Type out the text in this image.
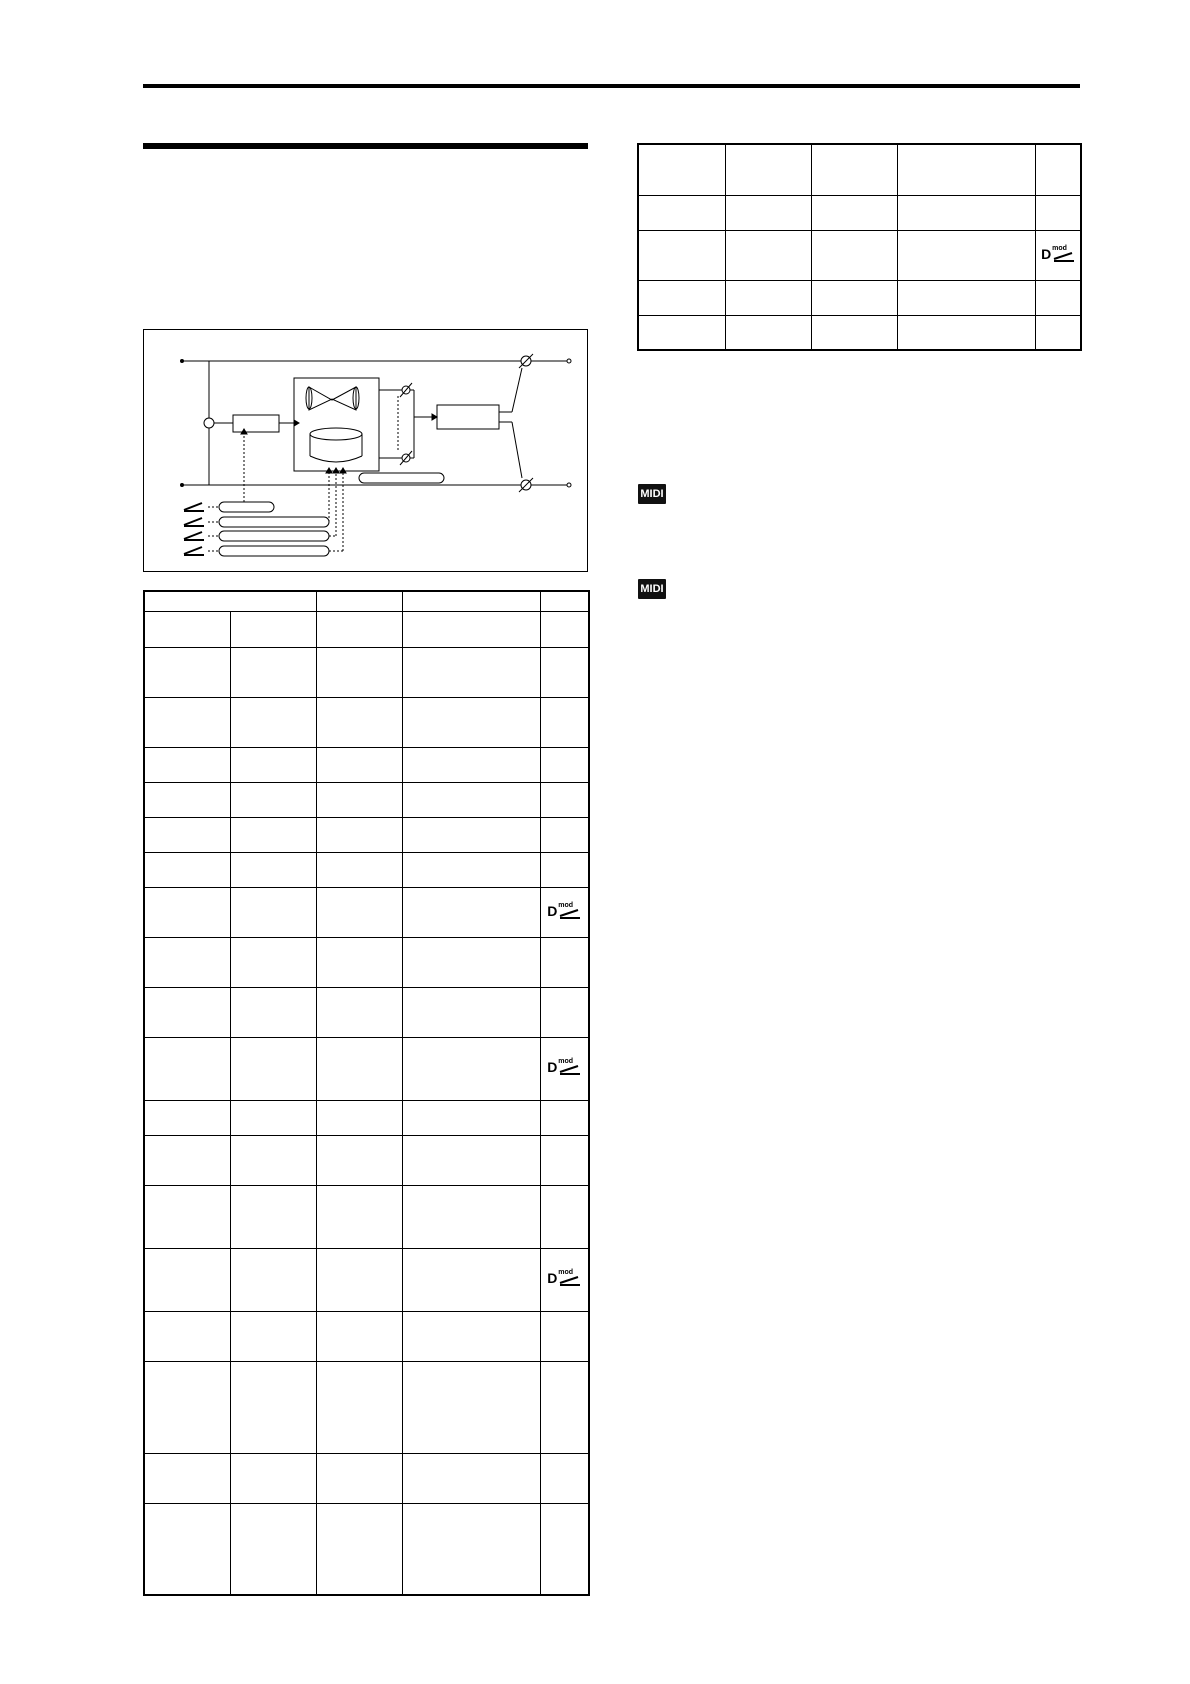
				D mod

				D mod

				D mod

				D mod

MIDI
MIDI
